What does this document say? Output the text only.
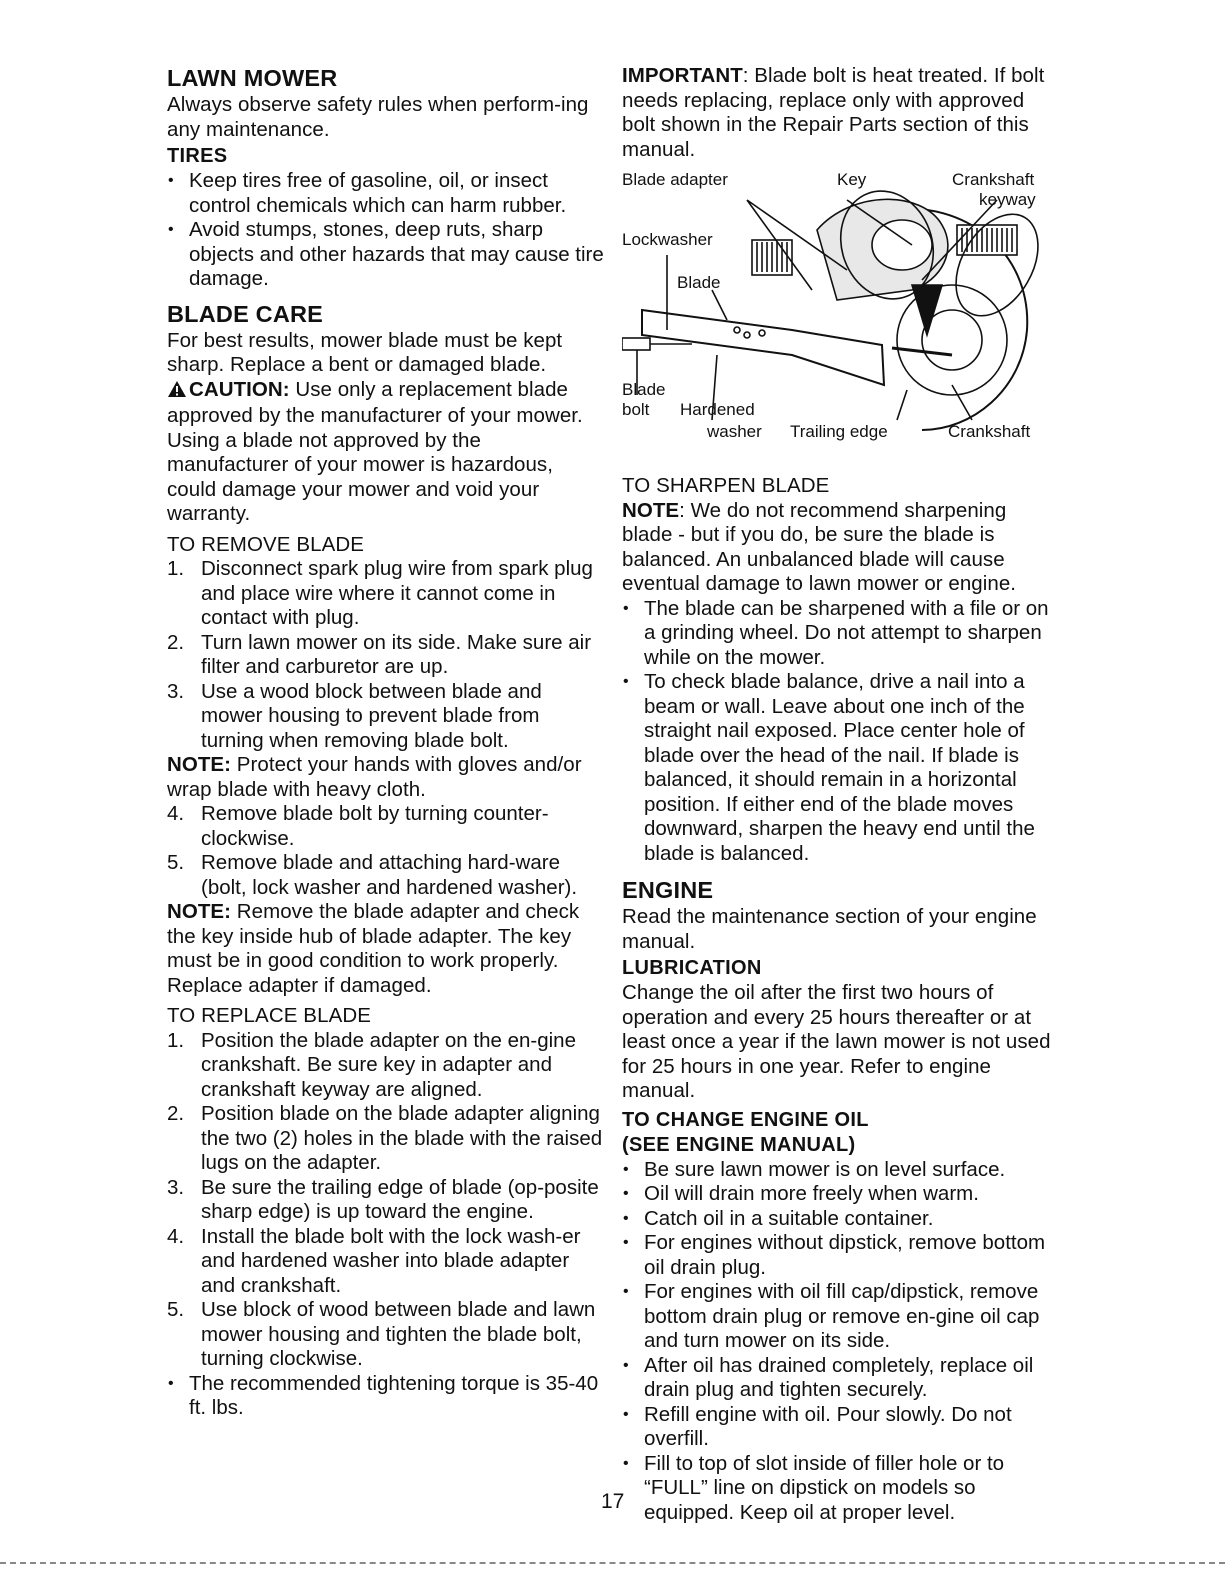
LAWN MOWER

Always observe safety rules when perform-ing any maintenance.

TIRES
• Keep tires free of gasoline, oil, or insect control chemicals which can harm rubber.
• Avoid stumps, stones, deep ruts, sharp objects and other hazards that may cause tire damage.
BLADE CARE

For best results, mower blade must be kept sharp. Replace a bent or damaged blade.

CAUTION: Use only a replacement blade approved by the manufacturer of your mower. Using a blade not approved by the manufacturer of your mower is hazardous, could damage your mower and void your warranty.

TO REMOVE BLADE
1. Disconnect spark plug wire from spark plug and place wire where it cannot come in contact with plug.
2. Turn lawn mower on its side. Make sure air filter and carburetor are up.
3. Use a wood block between blade and mower housing to prevent blade from turning when removing blade bolt.

NOTE: Protect your hands with gloves and/or wrap blade with heavy cloth.

4. Remove blade bolt by turning counter-clockwise.
5. Remove blade and attaching hard-ware (bolt, lock washer and hardened washer).

NOTE: Remove the blade adapter and check the key inside hub of blade adapter. The key must be in good condition to work properly. Replace adapter if damaged.

TO REPLACE BLADE
1. Position the blade adapter on the en-gine crankshaft. Be sure key in adapter and crankshaft keyway are aligned.
2. Position blade on the blade adapter aligning the two (2) holes in the blade with the raised lugs on the adapter.
3. Be sure the trailing edge of blade (op-posite sharp edge) is up toward the engine.
4. Install the blade bolt with the lock wash-er and hardened washer into blade adapter and crankshaft.
5. Use block of wood between blade and lawn mower housing and tighten the blade bolt, turning clockwise.
• The recommended tightening torque is 35-40 ft. lbs.

IMPORTANT: Blade bolt is heat treated. If bolt needs replacing, replace only with approved bolt shown in the Repair Parts section of this manual.

Blade adapter	Key	Crankshaft
keyway
Lockwasher
Blade
Blade
bolt Hardened
washer Trailing edge	Crankshaft
TO SHARPEN BLADE

NOTE: We do not recommend sharpening blade - but if you do, be sure the blade is balanced. An unbalanced blade will cause eventual damage to lawn mower or engine.

• The blade can be sharpened with a file or on a grinding wheel. Do not attempt to sharpen while on the mower.
• To check blade balance, drive a nail into a beam or wall. Leave about one inch of the straight nail exposed. Place center hole of blade over the head of the nail. If blade is balanced, it should remain in a horizontal position. If either end of the blade moves downward, sharpen the heavy end until the blade is balanced.
ENGINE

Read the maintenance section of your engine manual.

LUBRICATION

Change the oil after the first two hours of operation and every 25 hours thereafter or at least once a year if the lawn mower is not used for 25 hours in one year. Refer to engine manual.

TO CHANGE ENGINE OIL
(SEE ENGINE MANUAL)
• Be sure lawn mower is on level surface.
• Oil will drain more freely when warm.
• Catch oil in a suitable container.
• For engines without dipstick, remove bottom oil drain plug.
• For engines with oil fill cap/dipstick, remove bottom drain plug or remove en-gine oil cap and turn mower on its side.
• After oil has drained completely, replace oil drain plug and tighten securely.
• Refill engine with oil. Pour slowly. Do not overfill.
• Fill to top of slot inside of filler hole or to “FULL” line on dipstick on models so equipped. Keep oil at proper level.
17
